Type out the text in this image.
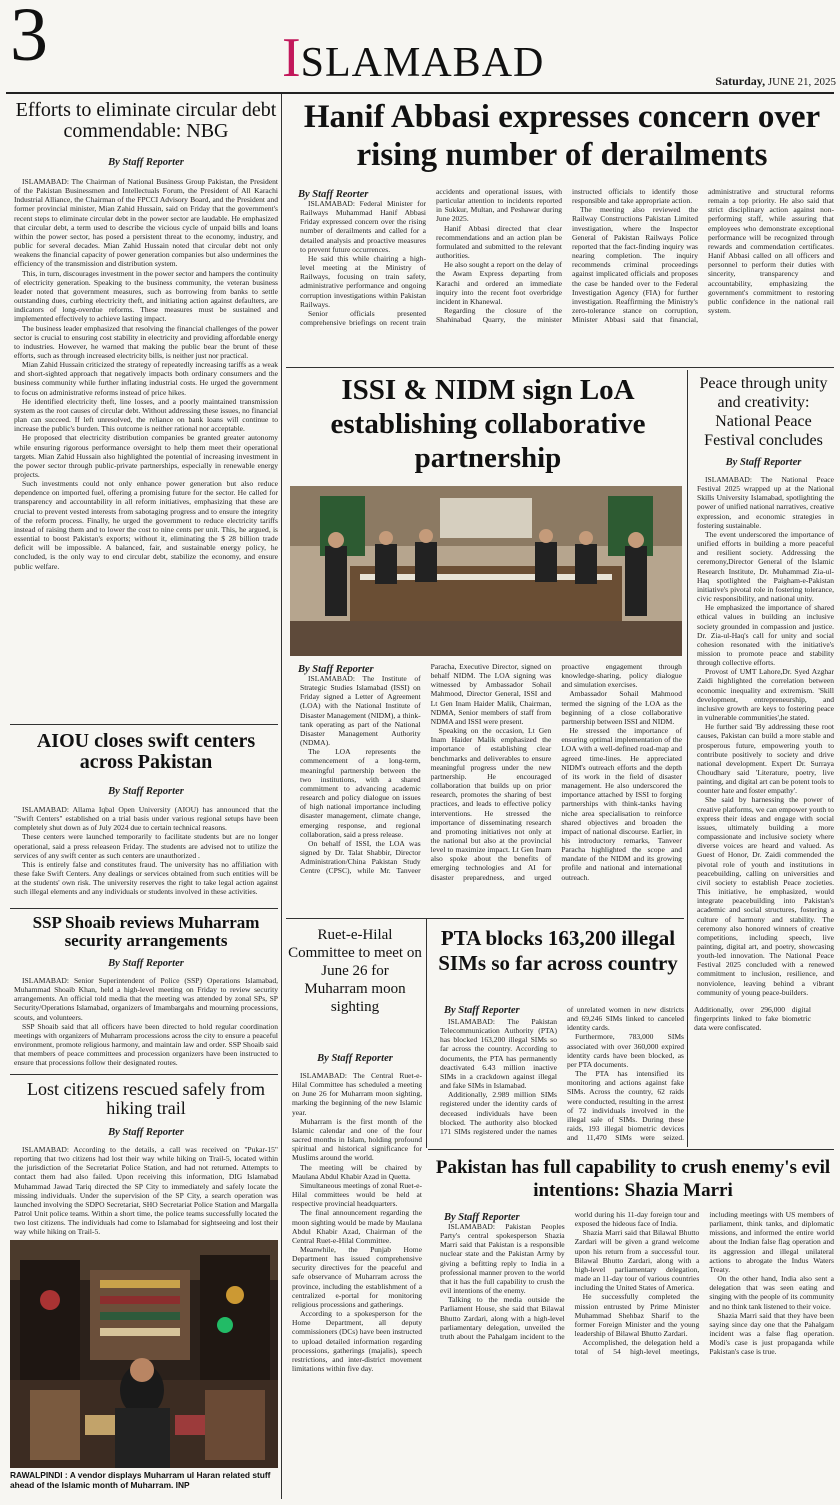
3	ISLAMABAD	Saturday, JUNE 21, 2025
Efforts to eliminate circular debt commendable: NBG
By Staff Reporter

ISLAMABAD: The Chairman of National Business Group Pakistan, the President of the Pakistan Businessmen and Intellectuals Forum, the President of All Karachi Industrial Alliance, the Chairman of the FPCCI Advisory Board, and the President and former provincial minister, Mian Zahid Hussain, said on Friday that the government's recent steps to eliminate circular debt in the power sector are laudable. He emphasized that circular debt, a term used to describe the vicious cycle of unpaid bills and loans within the power sector, has posed a persistent threat to the economy, industry, and public for several decades. Mian Zahid Hussain noted that circular debt not only weakens the financial capacity of power generation companies but also undermines the efficiency of the transmission and distribution system.

This, in turn, discourages investment in the power sector and hampers the continuity of electricity generation. Speaking to the business community, the veteran business leader noted that government measures, such as borrowing from banks to settle outstanding dues, curbing electricity theft, and initiating action against defaulters, are indicators of long-overdue reforms. These measures must be sustained and implemented effectively to achieve lasting impact.

The business leader emphasized that resolving the financial challenges of the power sector is crucial to ensuring cost stability in electricity and providing affordable energy to industries. However, he warned that making the public bear the brunt of these efforts, such as through increased electricity bills, is neither just nor practical.

Mian Zahid Hussain criticized the strategy of repeatedly increasing tariffs as a weak and short-sighted approach that negatively impacts both ordinary consumers and the business community while further inflating industrial costs. He urged the government to focus on administrative reforms instead of price hikes.

He identified electricity theft, line losses, and a poorly maintained transmission system as the root causes of circular debt. Without addressing these issues, no financial plan can succeed. If left unresolved, the reliance on bank loans will continue to increase the public's burden. This outcome is neither rational nor acceptable.

He proposed that electricity distribution companies be granted greater autonomy while ensuring rigorous performance oversight to help them meet their operational targets. Mian Zahid Hussain also highlighted the potential of increasing investment in the power sector through public-private partnerships, especially in renewable energy projects.

Such investments could not only enhance power generation but also reduce dependence on imported fuel, offering a promising future for the sector. He called for transparency and accountability in all reform initiatives, emphasizing that these are crucial to prevent vested interests from sabotaging progress and to ensure the integrity of the reform process. Finally, he urged the government to reduce electricity tariffs instead of raising them and to lower the cost to nine cents per unit. This, he argued, is essential to boost Pakistan's exports; without it, eliminating the $ 28 billion trade deficit will be impossible. A balanced, fair, and sustainable energy policy, he concluded, is the only way to end circular debt, stabilize the economy, and ensure public welfare.

AIOU closes swift centers across Pakistan
By Staff Reporter

ISLAMABAD: Allama Iqbal Open University (AIOU) has announced that the "Swift Centers" established on a trial basis under various regional setups have been completely shut down as of July 2024 due to certain technical reasons.

These centers were launched temporarily to facilitate students but are no longer operational, said a press releaseon Friday. The students are advised not to utilize the services of any swift center as such centers are unauthorized .

This is entirely false and constitutes fraud. The university has no affiliation with these fake Swift Centers. Any dealings or services obtained from such entities will be at the students' own risk. The university reserves the right to take legal action against such illegal elements and any individuals or students involved in these activities.

SSP Shoaib reviews Muharram security arrangements
By Staff Reporter

ISLAMABAD: Senior Superintendent of Police (SSP) Operations Islamabad, Muhammad Shoaib Khan, held a high-level meeting on Friday to review security arrangements. An official told media that the meeting was attended by zonal SPs, SP Security/Operations Islamabad, organizers of Imambargahs and mourning processions, scouts, and volunteers.

SSP Shoaib said that all officers have been directed to hold regular coordination meetings with organizers of Muharram processions across the city to ensure a peaceful environment, promote religious harmony, and maintain law and order. SSP Shoaib said that members of peace committees and procession organizers have been instructed to ensure that processions follow their designated routes.

Lost citizens rescued safely from hiking trail
By Staff Reporter

ISLAMABAD: According to the details, a call was received on "Pukar-15" reporting that two citizens had lost their way while hiking on Trail-5, located within the jurisdiction of the Secretariat Police Station, and had not returned. Attempts to contact them had also failed. Upon receiving this information, DIG Islamabad Muhammad Jawad Tariq directed the SP City to immediately and safely locate the missing individuals. Under the supervision of the SP City, a search operation was launched involving the SDPO Secretariat, SHO Secretariat Police Station and Margalla Patrol Unit police teams. Within a short time, the police teams successfully located the two lost citizens. The individuals had come to Islamabad for sightseeing and lost their way while hiking on Trail-5.

RAWALPINDI : A vendor displays Muharram ul Haran related stuff ahead of the Islamic month of Muharram. INP
Hanif Abbasi expresses concern over rising number of derailments
By Staff Reorter

ISLAMABAD: Federal Minister for Railways Muhammad Hanif Abbasi Friday expressed concern over the rising number of derailments and called for a detailed analysis and proactive measures to prevent future occurrences.

He said this while chairing a high-level meeting at the Ministry of Railways, focusing on train safety, administrative performance and ongoing corruption investigations within Pakistan Railways.

Senior officials presented comprehensive briefings on recent train accidents and operational issues, with particular attention to incidents reported in Sukkur, Multan, and Peshawar during June 2025.

Hanif Abbasi directed that clear recommendations and an action plan be formulated and submitted to the relevant authorities.

He also sought a report on the delay of the Awam Express departing from Karachi and ordered an immediate inquiry into the recent foot overbridge incident in Khanewal.

Regarding the closure of the Shahinabad Quarry, the minister instructed officials to identify those responsible and take appropriate action.

The meeting also reviewed the Railway Constructions Pakistan Limited investigation, where the Inspector General of Pakistan Railways Police reported that the fact-finding inquiry was nearing completion. The inquiry recommends criminal proceedings against implicated officials and proposes the case be handed over to the Federal Investigation Agency (FIA) for further investigation. Reaffirming the Ministry's zero-tolerance stance on corruption, Minister Abbasi said that financial, administrative and structural reforms remain a top priority. He also said that strict disciplinary action against non-performing staff, while assuring that employees who demonstrate exceptional performance will be recognized through rewards and commendation certificates. Hanif Abbasi called on all officers and personnel to perform their duties with sincerity, transparency and accountability, emphasizing the government's commitment to restoring public confidence in the national rail system.

ISSI & NIDM sign LoA establishing collaborative partnership
By Staff Reporter

ISLAMABAD: The Institute of Strategic Studies Islamabad (ISSI) on Friday signed a Letter of Agreement (LOA) with the National Institute of Disaster Management (NIDM), a think-tank operating as part of the National Disaster Management Authority (NDMA).

The LOA represents the commencement of a long-term, meaningful partnership between the two institutions, with a shared commitment to advancing academic research and policy dialogue on issues of high national importance including disaster management, climate change, emerging response, and regional collaboration, said a press release.

On behalf of ISSI, the LOA was signed by Dr. Talat Shabbir, Director Administration/China Pakistan Study Centre (CPSC), while Mr. Tanveer Paracha, Executive Director, signed on behalf NIDM. The LOA signing was witnessed by Ambassador Sohail Mahmood, Director General, ISSI and Lt Gen Inam Haider Malik, Chairman, NDMA, Senior members of staff from NDMA and ISSI were present.

Speaking on the occasion, Lt Gen Inam Haider Malik emphasized the importance of establishing clear benchmarks and deliverables to ensure meaningful progress under the new partnership. He encouraged collaboration that builds up on prior research, promotes the sharing of best practices, and leads to effective policy interventions. He stressed the importance of disseminating research and promoting initiatives not only at the national but also at the provincial level to maximize impact. Lt Gen Inam also spoke about the benefits of emerging technologies and AI for disaster preparedness, and urged proactive engagement through knowledge-sharing, policy dialogue and simulation exercises.

Ambassador Sohail Mahmood termed the signing of the LOA as the beginning of a close collaborative partnership between ISSI and NIDM.

He stressed the importance of ensuring optimal implementation of the LOA with a well-defined road-map and agreed time-lines. He appreciated NIDM's outreach efforts and the depth of its work in the field of disaster management. He also underscored the importance attached by ISSI to forging partnerships with think-tanks having niche area specialisation to reinforce shared objectives and broaden the impact of national discourse. Earlier, in his introductory remarks, Tanveer Paracha highlighted the scope and mandate of the NIDM and its growing profile and national and international outreach.

Peace through unity and creativity: National Peace Festival concludes
By Staff Reporter

ISLAMABAD: The National Peace Festival 2025 wrapped up at the National Skills University Islamabad, spotlighting the power of unified national narratives, creative expression, and economic strategies in fostering sustainable.

The event underscored the importance of unified efforts in building a more peaceful and resilient society. Addressing the ceremony,Director General of the Islamic Research Institute, Dr. Muhammad Zia-ul-Haq spotlighted the Paigham-e-Pakistan initiative's pivotal role in fostering tolerance, civic responsibility, and national unity.

He emphasized the importance of shared ethical values in building an inclusive society grounded in compassion and justice. Dr. Zia-ul-Haq's call for unity and social cohesion resonated with the initiative's mission to promote peace and stability through collective efforts.

Provost of UMT Lahore,Dr. Syed Azghar Zaidi highlighted the correlation between economic inequality and extremism. 'Skill development, entrepreneurship, and inclusive growth are keys to fostering peace in vulnerable communities',he stated.

He further said 'By addressing these root causes, Pakistan can build a more stable and prosperous future, empowering youth to contribute positively to society and drive national development. Expert Dr. Surraya Choudhary said 'Literature, poetry, live painting, and digital art can be potent tools to counter hate and foster empathy'.

She said by harnessing the power of creative platforms, we can empower youth to express their ideas and engage with social issues, ultimately building a more compassionate and inclusive society where diverse voices are heard and valued. As Guest of Honor, Dr. Zaidi commended the pivotal role of youth and institutions in peacebuilding, calling on universities and civil society to establish Peace zocieties. This initiative, he emphasized, would integrate peacebuilding into Pakistan's academic and social structures, fostering a culture of harmony and stability. The ceremony also honored winners of creative competitions, including speech, live painting, digital art, and poetry, showcasing youth-led innovation. The National Peace Festival 2025 concluded with a renewed commitment to inclusion, resilience, and nonviolence, leaving behind a vibrant community of young peace-builders.

Ruet-e-Hilal Committee to meet on June 26 for Muharram moon sighting
By Staff Reporter

ISLAMABAD: The Central Ruet-e-Hilal Committee has scheduled a meeting on June 26 for Muharram moon sighting, marking the beginning of the new Islamic year.

Muharram is the first month of the Islamic calendar and one of the four sacred months in Islam, holding profound spiritual and historical significance for Muslims around the world.

The meeting will be chaired by Maulana Abdul Khabir Azad in Quetta.

Simultaneous meetings of zonal Ruet-e-Hilal committees would be held at respective provincial headquarters.

The final announcement regarding the moon sighting would be made by Maulana Abdul Khabir Azad, Chairman of the Central Ruet-e-Hilal Committee.

Meanwhile, the Punjab Home Department has issued comprehensive security directives for the peaceful and safe observance of Muharram across the province, including the establishment of a centralized e-portal for monitoring religious processions and gatherings.

According to a spokesperson for the Home Department, all deputy commissioners (DCs) have been instructed to upload detailed information regarding processions, gatherings (majalis), speech restrictions, and inter-district movement limitations within five day.

PTA blocks 163,200 illegal SIMs so far across country
By Staff Reporter

ISLAMABAD: The Pakistan Telecommunication Authority (PTA) has blocked 163,200 illegal SIMs so far across the country. According to documents, the PTA has permanently deactivated 6.43 million inactive SIMs in a crackdown against illegal and fake SIMs in Islamabad.

Additionally, 2.989 million SIMs registered under the identity cards of deceased individuals have been blocked. The authority also blocked 171 SIMs registered under the names of unrelated women in new districts and 69,246 SIMs linked to canceled identity cards.

Furthermore, 783,000 SIMs associated with over 360,000 expired identity cards have been blocked, as per PTA documents.

The PTA has intensified its monitoring and actions against fake SIMs. Across the country, 62 raids were conducted, resulting in the arrest of 72 individuals involved in the illegal sale of SIMs. During these raids, 193 illegal biometric devices and 11,470 SIMs were seized. Additionally, over 296,000 digital fingerprints linked to fake biometric data were confiscated.

Pakistan has full capability to crush enemy's evil intentions: Shazia Marri
By Staff Reporter

ISLAMABAD: Pakistan Peoples Party's central spokesperson Shazia Marri said that Pakistan is a responsible nuclear state and the Pakistan Army by giving a befitting reply to India in a professional manner proven to the world that it has the full capability to crush the evil intentions of the enemy.

Talking to the media outside the Parliament House, she said that Bilawal Bhutto Zardari, along with a high-level parliamentary delegation, unveiled the truth about the Pahalgam incident to the world during his 11-day foreign tour and exposed the hideous face of India.

Shazia Marri said that Bilawal Bhutto Zardari will be given a grand welcome upon his return from a successful tour. Bilawal Bhutto Zardari, along with a high-level parliamentary delegation, made an 11-day tour of various countries including the United States of America.

He successfully completed the mission entrusted by Prime Minister Muhammad Shehbaz Sharif to the former Foreign Minister and the young leadership of Bilawal Bhutto Zardari.

Accomplished, the delegation held a total of 54 high-level meetings, including meetings with US members of parliament, think tanks, and diplomatic missions, and informed the entire world about the Indian false flag operation and its aggression and illegal unilateral actions to abrogate the Indus Waters Treaty.

On the other hand, India also sent a delegation that was seen eating and singing with the people of its community and no think tank listened to their voice.

Shazia Marri said that they have been saying since day one that the Pahalgam incident was a false flag operation. Modi's case is just propaganda while Pakistan's case is true.
